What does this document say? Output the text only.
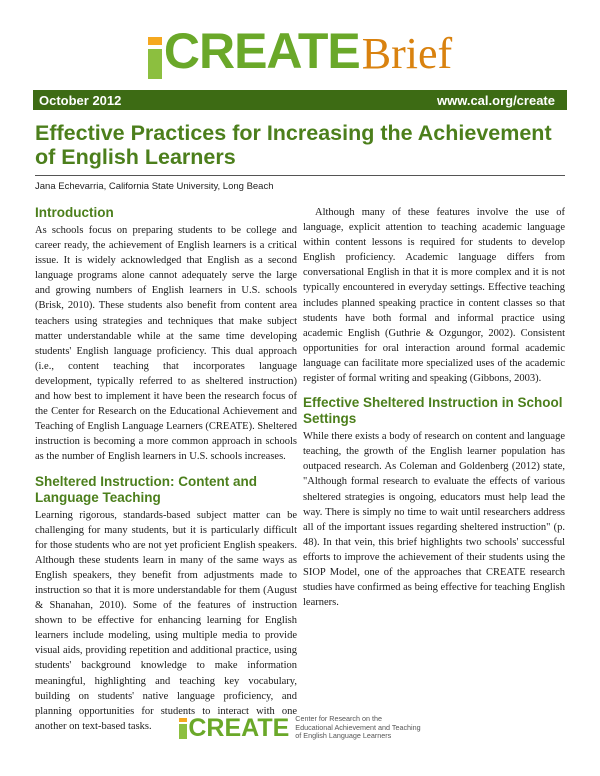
CREATEBrief
October 2012	www.cal.org/create
Effective Practices for Increasing the Achievement of English Learners
Jana Echevarria, California State University, Long Beach
Introduction

As schools focus on preparing students to be college and career ready, the achievement of English learners is a critical issue. It is widely acknowledged that English as a second language programs alone cannot adequately serve the large and growing numbers of English learners in U.S. schools (Brisk, 2010). These students also benefit from content area teachers using strategies and techniques that make subject matter understandable while at the same time developing students' English language proficiency. This dual approach (i.e., content teaching that incorporates language development, typically referred to as sheltered instruction) and how best to implement it have been the research focus of the Center for Research on the Educational Achievement and Teaching of English Language Learners (CREATE). Sheltered instruction is becoming a more common approach in schools as the number of English learners in U.S. schools increases.

Sheltered Instruction: Content and Language Teaching

Learning rigorous, standards-based subject matter can be challenging for many students, but it is particularly difficult for those students who are not yet proficient English speakers. Although these students learn in many of the same ways as English speakers, they benefit from adjustments made to instruction so that it is more understandable for them (August & Shanahan, 2010). Some of the features of instruction shown to be effective for enhancing learning for English learners include modeling, using multiple media to provide visual aids, providing repetition and additional practice, using students' background knowledge to make information meaningful, highlighting and teaching key vocabulary, building on students' native language proficiency, and planning opportunities for students to interact with one another on text-based tasks.

Although many of these features involve the use of language, explicit attention to teaching academic language within content lessons is required for students to develop English proficiency. Academic language differs from conversational English in that it is more complex and it is not typically encountered in everyday settings. Effective teaching includes planned speaking practice in content classes so that students have both formal and informal practice using academic English (Guthrie & Ozgungor, 2002). Consistent opportunities for oral interaction around formal academic language can facilitate more specialized uses of the academic register of formal writing and speaking (Gibbons, 2003).

Effective Sheltered Instruction in School Settings

While there exists a body of research on content and language teaching, the growth of the English learner population has outpaced research. As Coleman and Goldenberg (2012) state, "Although formal research to evaluate the effects of various sheltered strategies is ongoing, educators must help lead the way. There is simply no time to wait until researchers address all of the important issues regarding sheltered instruction" (p. 48). In that vein, this brief highlights two schools' successful efforts to improve the achievement of their students using the SIOP Model, one of the approaches that CREATE research studies have confirmed as being effective for teaching English learners.

CREATE Center for Research on the
Educational Achievement and Teaching
of English Language Learners
